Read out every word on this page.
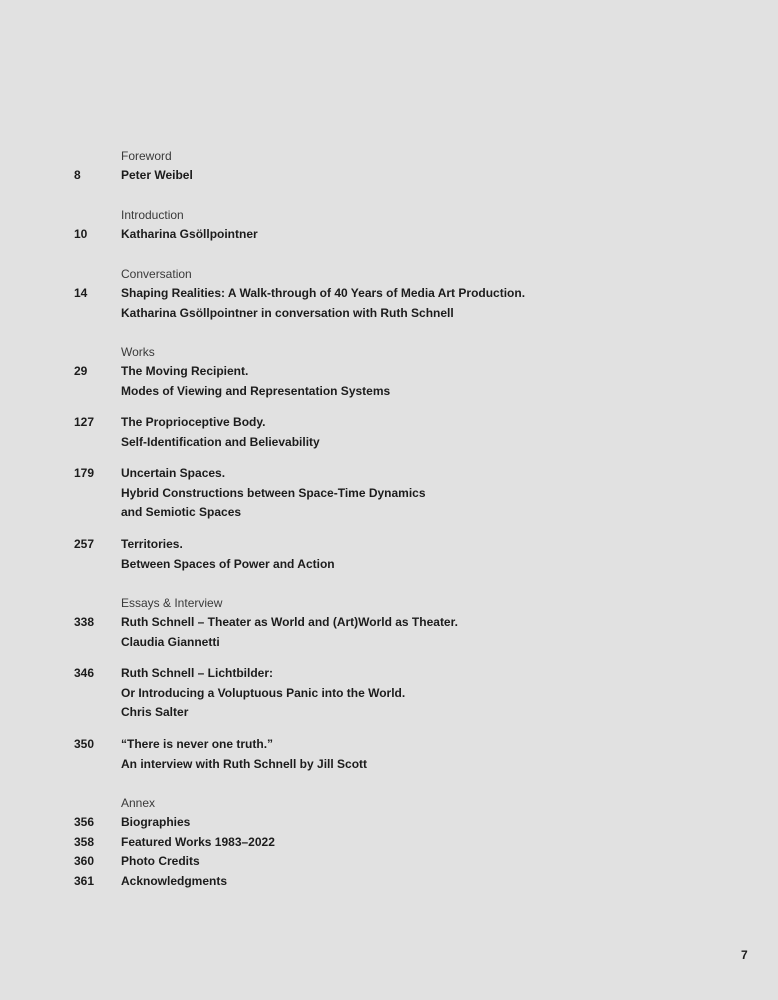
Foreword
8	Peter Weibel
Introduction
10	Katharina Gsöllpointner
Conversation
14	Shaping Realities: A Walk-through of 40 Years of Media Art Production.
Katharina Gsöllpointner in conversation with Ruth Schnell
Works
29	The Moving Recipient.
Modes of Viewing and Representation Systems
127 The Proprioceptive Body.
Self-Identification and Believability
179 Uncertain Spaces.
Hybrid Constructions between Space-Time Dynamics
and Semiotic Spaces
257 Territories.
Between Spaces of Power and Action
Essays & Interview
338 Ruth Schnell – Theater as World and (Art)World as Theater.
Claudia Giannetti
346 Ruth Schnell – Lichtbilder:
Or Introducing a Voluptuous Panic into the World.
Chris Salter
350 “There is never one truth.”
An interview with Ruth Schnell by Jill Scott
Annex
356 Biographies
358 Featured Works 1983–2022
360 Photo Credits
361 Acknowledgments
7
